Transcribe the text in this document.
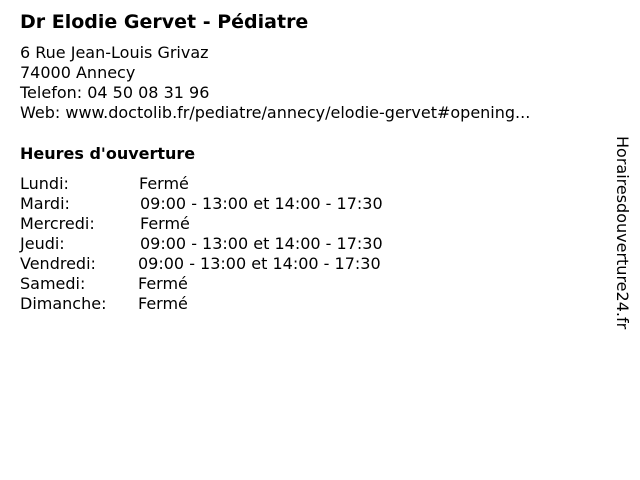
Dr Elodie Gervet - Pédiatre
6 Rue Jean-Louis Grivaz
74000 Annecy
Telefon: 04 50 08 31 96
Web: www.doctolib.fr/pediatre/annecy/elodie-gervet#opening...
Heures d'ouverture
Lundi:	Fermé
Mardi:	09:00 - 13:00 et 14:00 - 17:30
Mercredi:	Fermé
Jeudi:	09:00 - 13:00 et 14:00 - 17:30
Vendredi:	09:00 - 13:00 et 14:00 - 17:30
Samedi:	Fermé
Dimanche: Fermé	Horairesdouverture24.fr
